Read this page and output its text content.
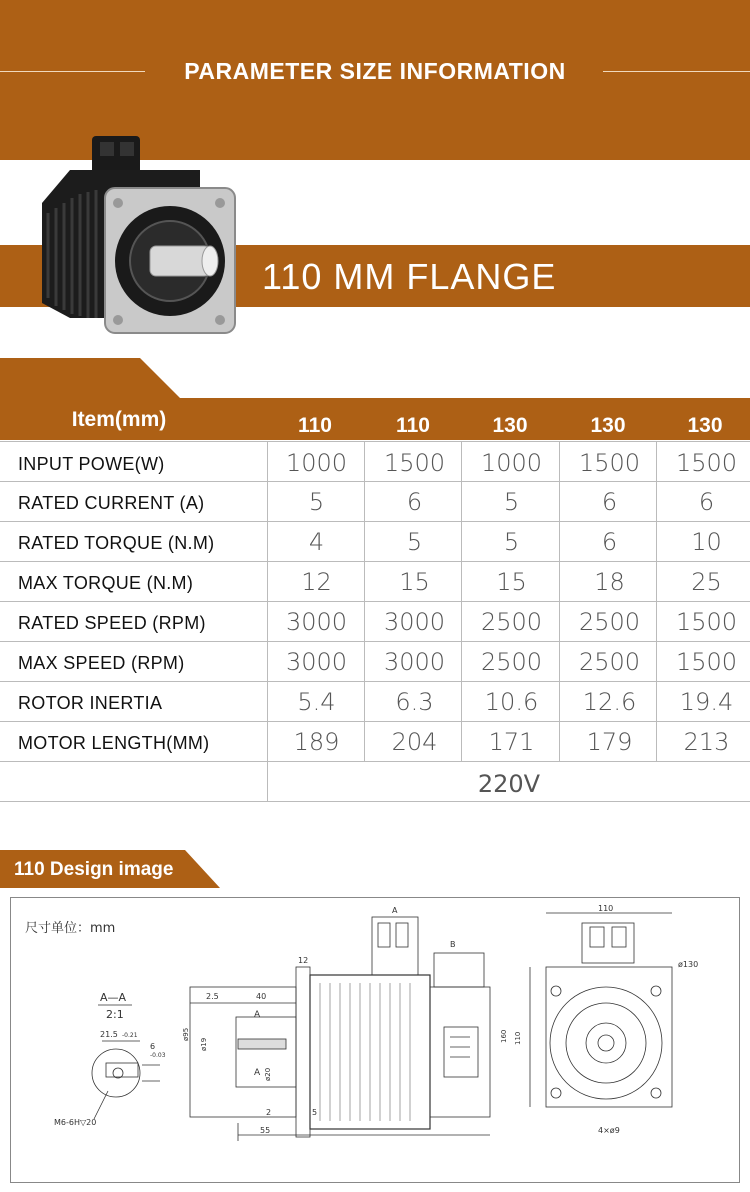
PARAMETER SIZE INFORMATION
110 MM FLANGE
Item(mm)	110	110	130	130	130
INPUT POWE(W)	1000	1500	1000	1500	1500
RATED CURRENT (A)	5	6	5	6	6
RATED TORQUE (N.M)	4	5	5	6	10
MAX TORQUE (N.M)	12	15	15	18	25
RATED SPEED (RPM)	3000	3000	2500	2500	1500
MAX SPEED (RPM)	3000	3000	2500	2500	1500
ROTOR INERTIA	5.4	6.3	10.6	12.6	19.4
MOTOR LENGTH(MM)	189	204	171	179	213
220V
110 Design image
尺寸单位：mm
A—A
2:1
21.5 -0.21
6
-0.03
M6-6H▽20
A
B
2.5	40
12
ø95
ø19
ø20
A
A
2	5
55
110
ø130
110
160
4×ø9
